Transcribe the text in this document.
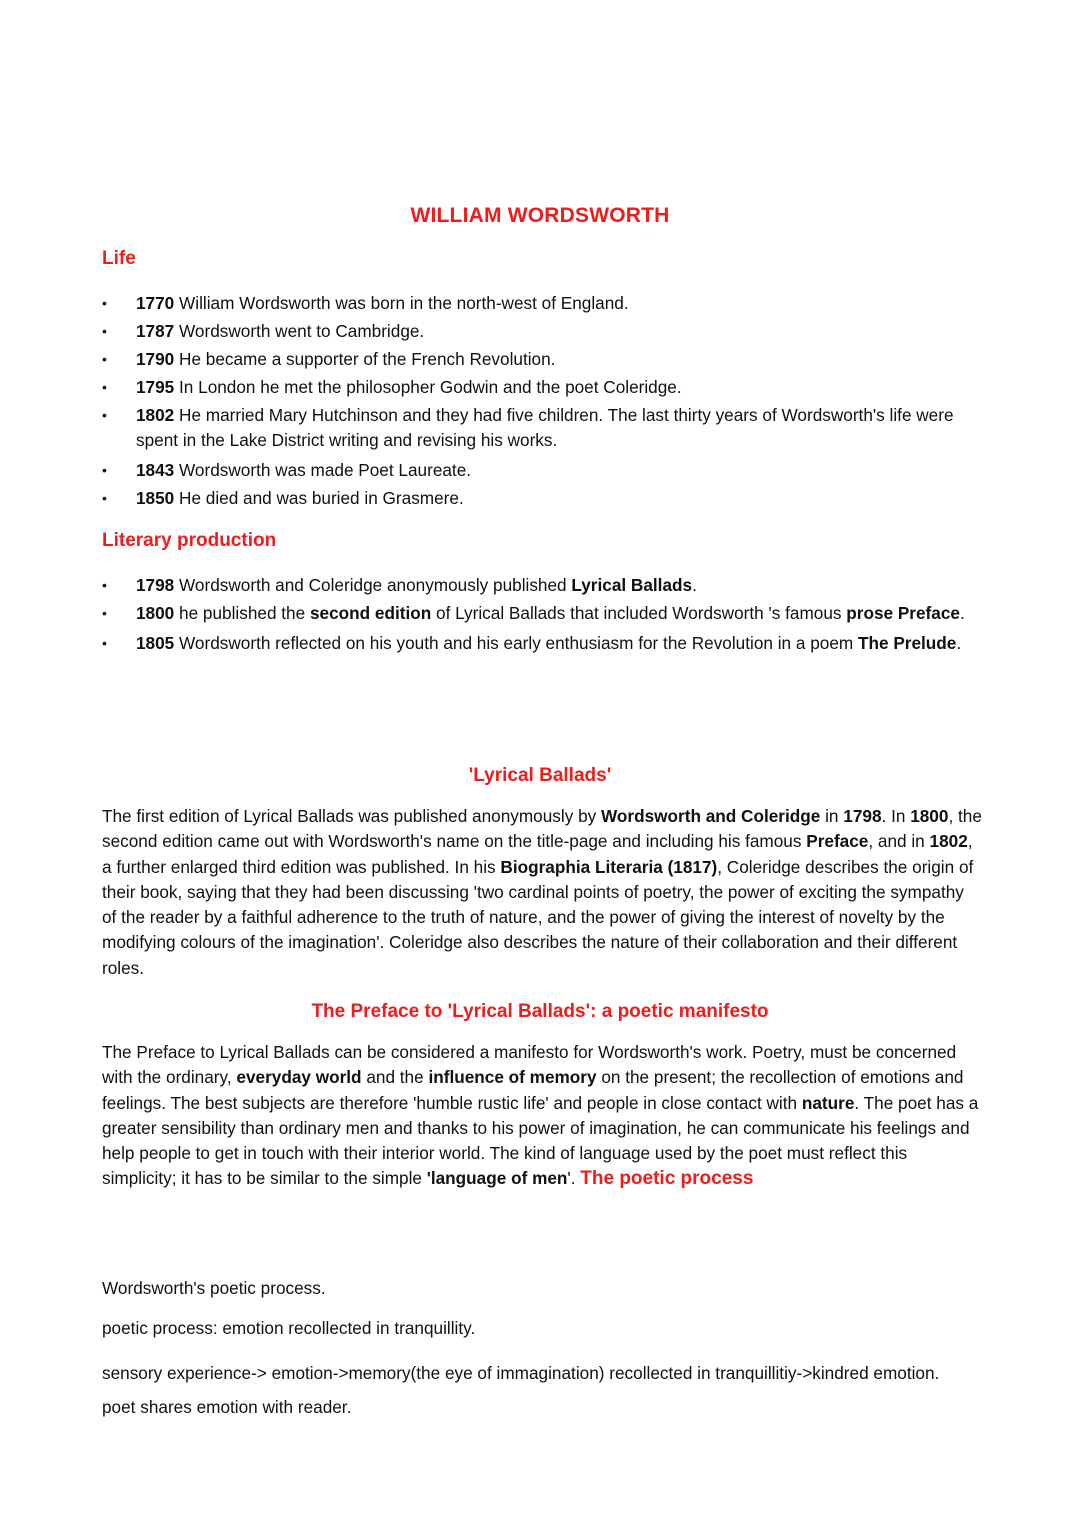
WILLIAM WORDSWORTH
Life
• 1770 William Wordsworth was born in the north-west of England.
• 1787 Wordsworth went to Cambridge.
• 1790 He became a supporter of the French Revolution.
• 1795 In London he met the philosopher Godwin and the poet Coleridge.
• 1802 He married Mary Hutchinson and they had five children. The last thirty years of Wordsworth's life were spent in the Lake District writing and revising his works.
• 1843 Wordsworth was made Poet Laureate.
• 1850 He died and was buried in Grasmere.
Literary production
• 1798 Wordsworth and Coleridge anonymously published Lyrical Ballads.
• 1800 he published the second edition of Lyrical Ballads that included Wordsworth 's famous prose Preface.
• 1805 Wordsworth reflected on his youth and his early enthusiasm for the Revolution in a poem The Prelude.
'Lyrical Ballads'

The first edition of Lyrical Ballads was published anonymously by Wordsworth and Coleridge in 1798. In 1800, the second edition came out with Wordsworth's name on the title-page and including his famous Preface, and in 1802, a further enlarged third edition was published. In his Biographia Literaria (1817), Coleridge describes the origin of their book, saying that they had been discussing 'two cardinal points of poetry, the power of exciting the sympathy of the reader by a faithful adherence to the truth of nature, and the power of giving the interest of novelty by the modifying colours of the imagination'. Coleridge also describes the nature of their collaboration and their different roles.

The Preface to 'Lyrical Ballads': a poetic manifesto

The Preface to Lyrical Ballads can be considered a manifesto for Wordsworth's work. Poetry, must be concerned with the ordinary, everyday world and the influence of memory on the present; the recollection of emotions and feelings. The best subjects are therefore 'humble rustic life' and people in close contact with nature. The poet has a greater sensibility than ordinary men and thanks to his power of imagination, he can communicate his feelings and help people to get in touch with their interior world. The kind of language used by the poet must reflect this simplicity; it has to be similar to the simple 'language of men'. The poetic process

Wordsworth's poetic process.

poetic process: emotion recollected in tranquillity.

sensory experience-> emotion->memory(the eye of immagination) recollected in tranquillitiy->kindred emotion. poet shares emotion with reader.
